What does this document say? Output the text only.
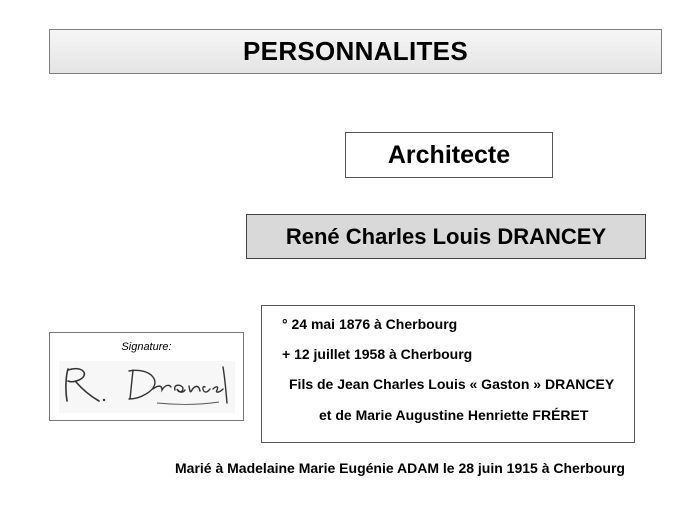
PERSONNALITES
Architecte
René Charles Louis DRANCEY
Signature:
° 24 mai 1876 à Cherbourg
+ 12 juillet 1958 à Cherbourg
Fils de Jean Charles Louis « Gaston » DRANCEY
et de Marie Augustine Henriette FRÉRET
Marié à Madelaine Marie Eugénie ADAM le 28 juin 1915 à Cherbourg
